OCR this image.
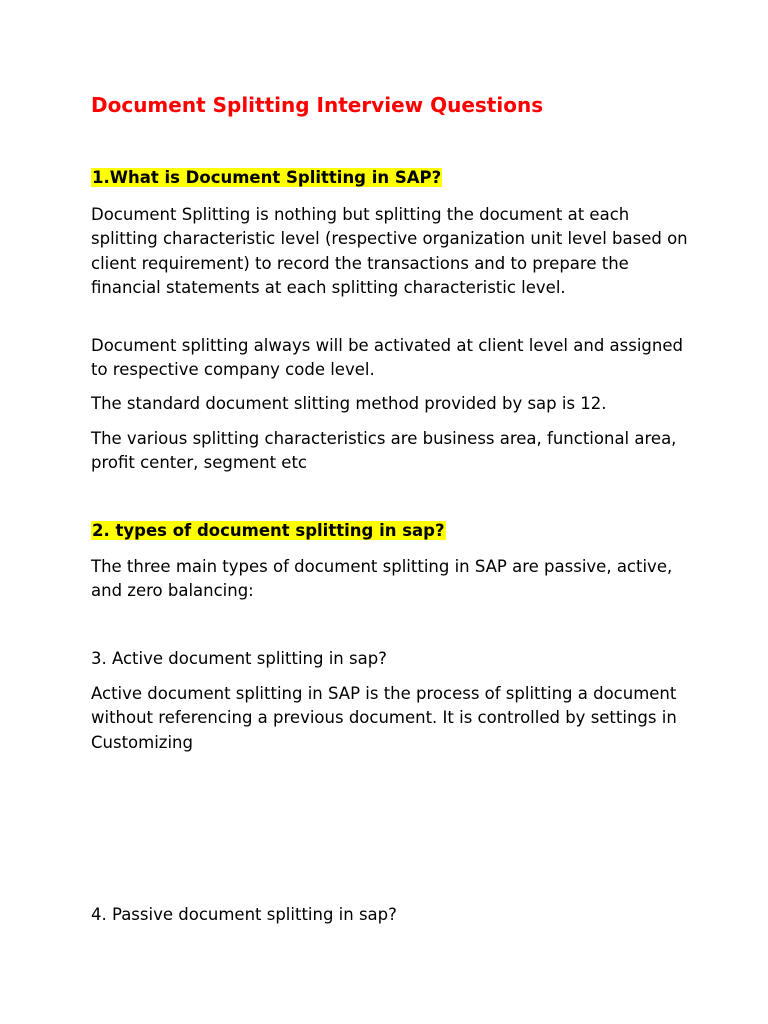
Document Splitting Interview Questions
1.What is Document Splitting in SAP?

Document Splitting is nothing but splitting the document at each splitting characteristic level (respective organization unit level based on client requirement) to record the transactions and to prepare the financial statements at each splitting characteristic level.

Document splitting always will be activated at client level and assigned to respective company code level.

The standard document slitting method provided by sap is 12.

The various splitting characteristics are business area, functional area, profit center, segment etc

2. types of document splitting in sap?

The three main types of document splitting in SAP are passive, active, and zero balancing:

3. Active document splitting in sap?

Active document splitting in SAP is the process of splitting a document without referencing a previous document. It is controlled by settings in Customizing

4. Passive document splitting in sap?
